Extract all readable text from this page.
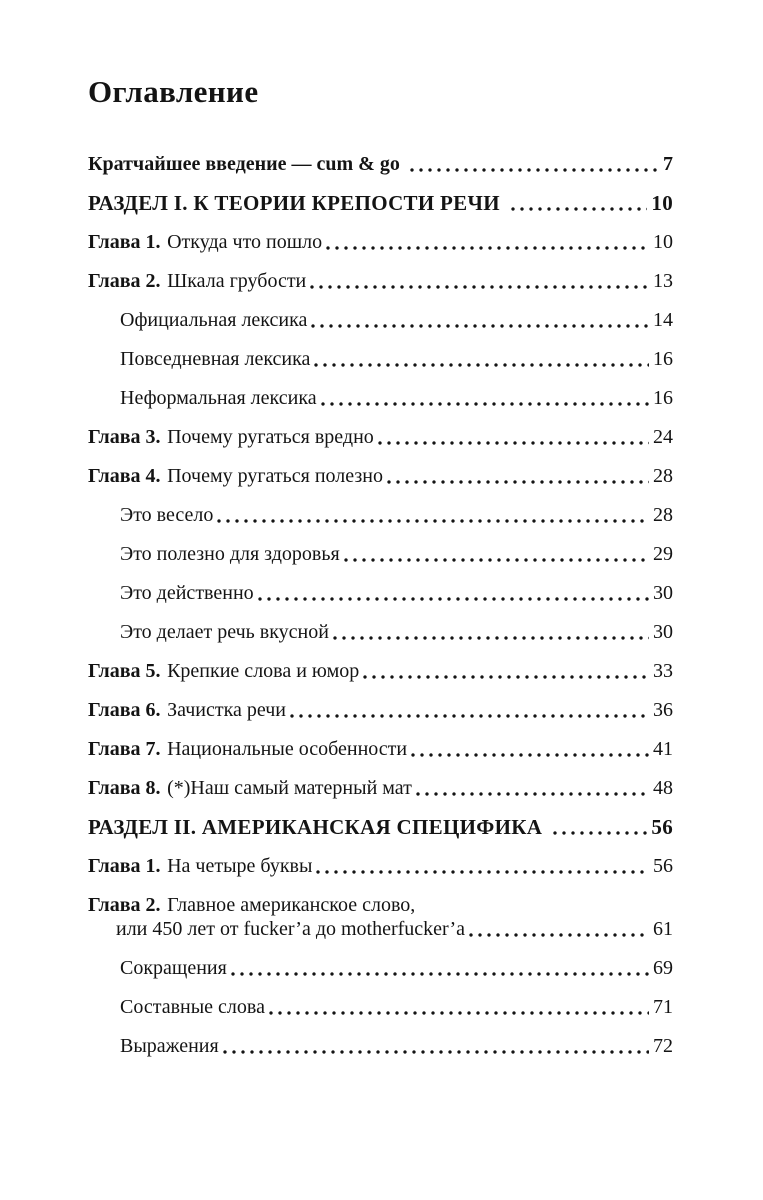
Оглавление
Кратчайшее введение — cum & go	7
РАЗДЕЛ I. К ТЕОРИИ КРЕПОСТИ РЕЧИ	10
Глава 1. Откуда что пошло	10
Глава 2. Шкала грубости	13
Официальная лексика	14
Повседневная лексика	16
Неформальная лексика	16
Глава 3. Почему ругаться вредно	24
Глава 4. Почему ругаться полезно	28
Это весело	28
Это полезно для здоровья	29
Это действенно	30
Это делает речь вкусной	30
Глава 5. Крепкие слова и юмор	33
Глава 6. Зачистка речи	36
Глава 7. Национальные особенности	41
Глава 8. (*)Наш самый матерный мат	48
РАЗДЕЛ II. АМЕРИКАНСКАЯ СПЕЦИФИКА	56
Глава 1. На четыре буквы	56
Глава 2. Главное американское слово,
или 450 лет от fucker’а до motherfucker’а	61
Сокращения	69
Составные слова	71
Выражения	72
